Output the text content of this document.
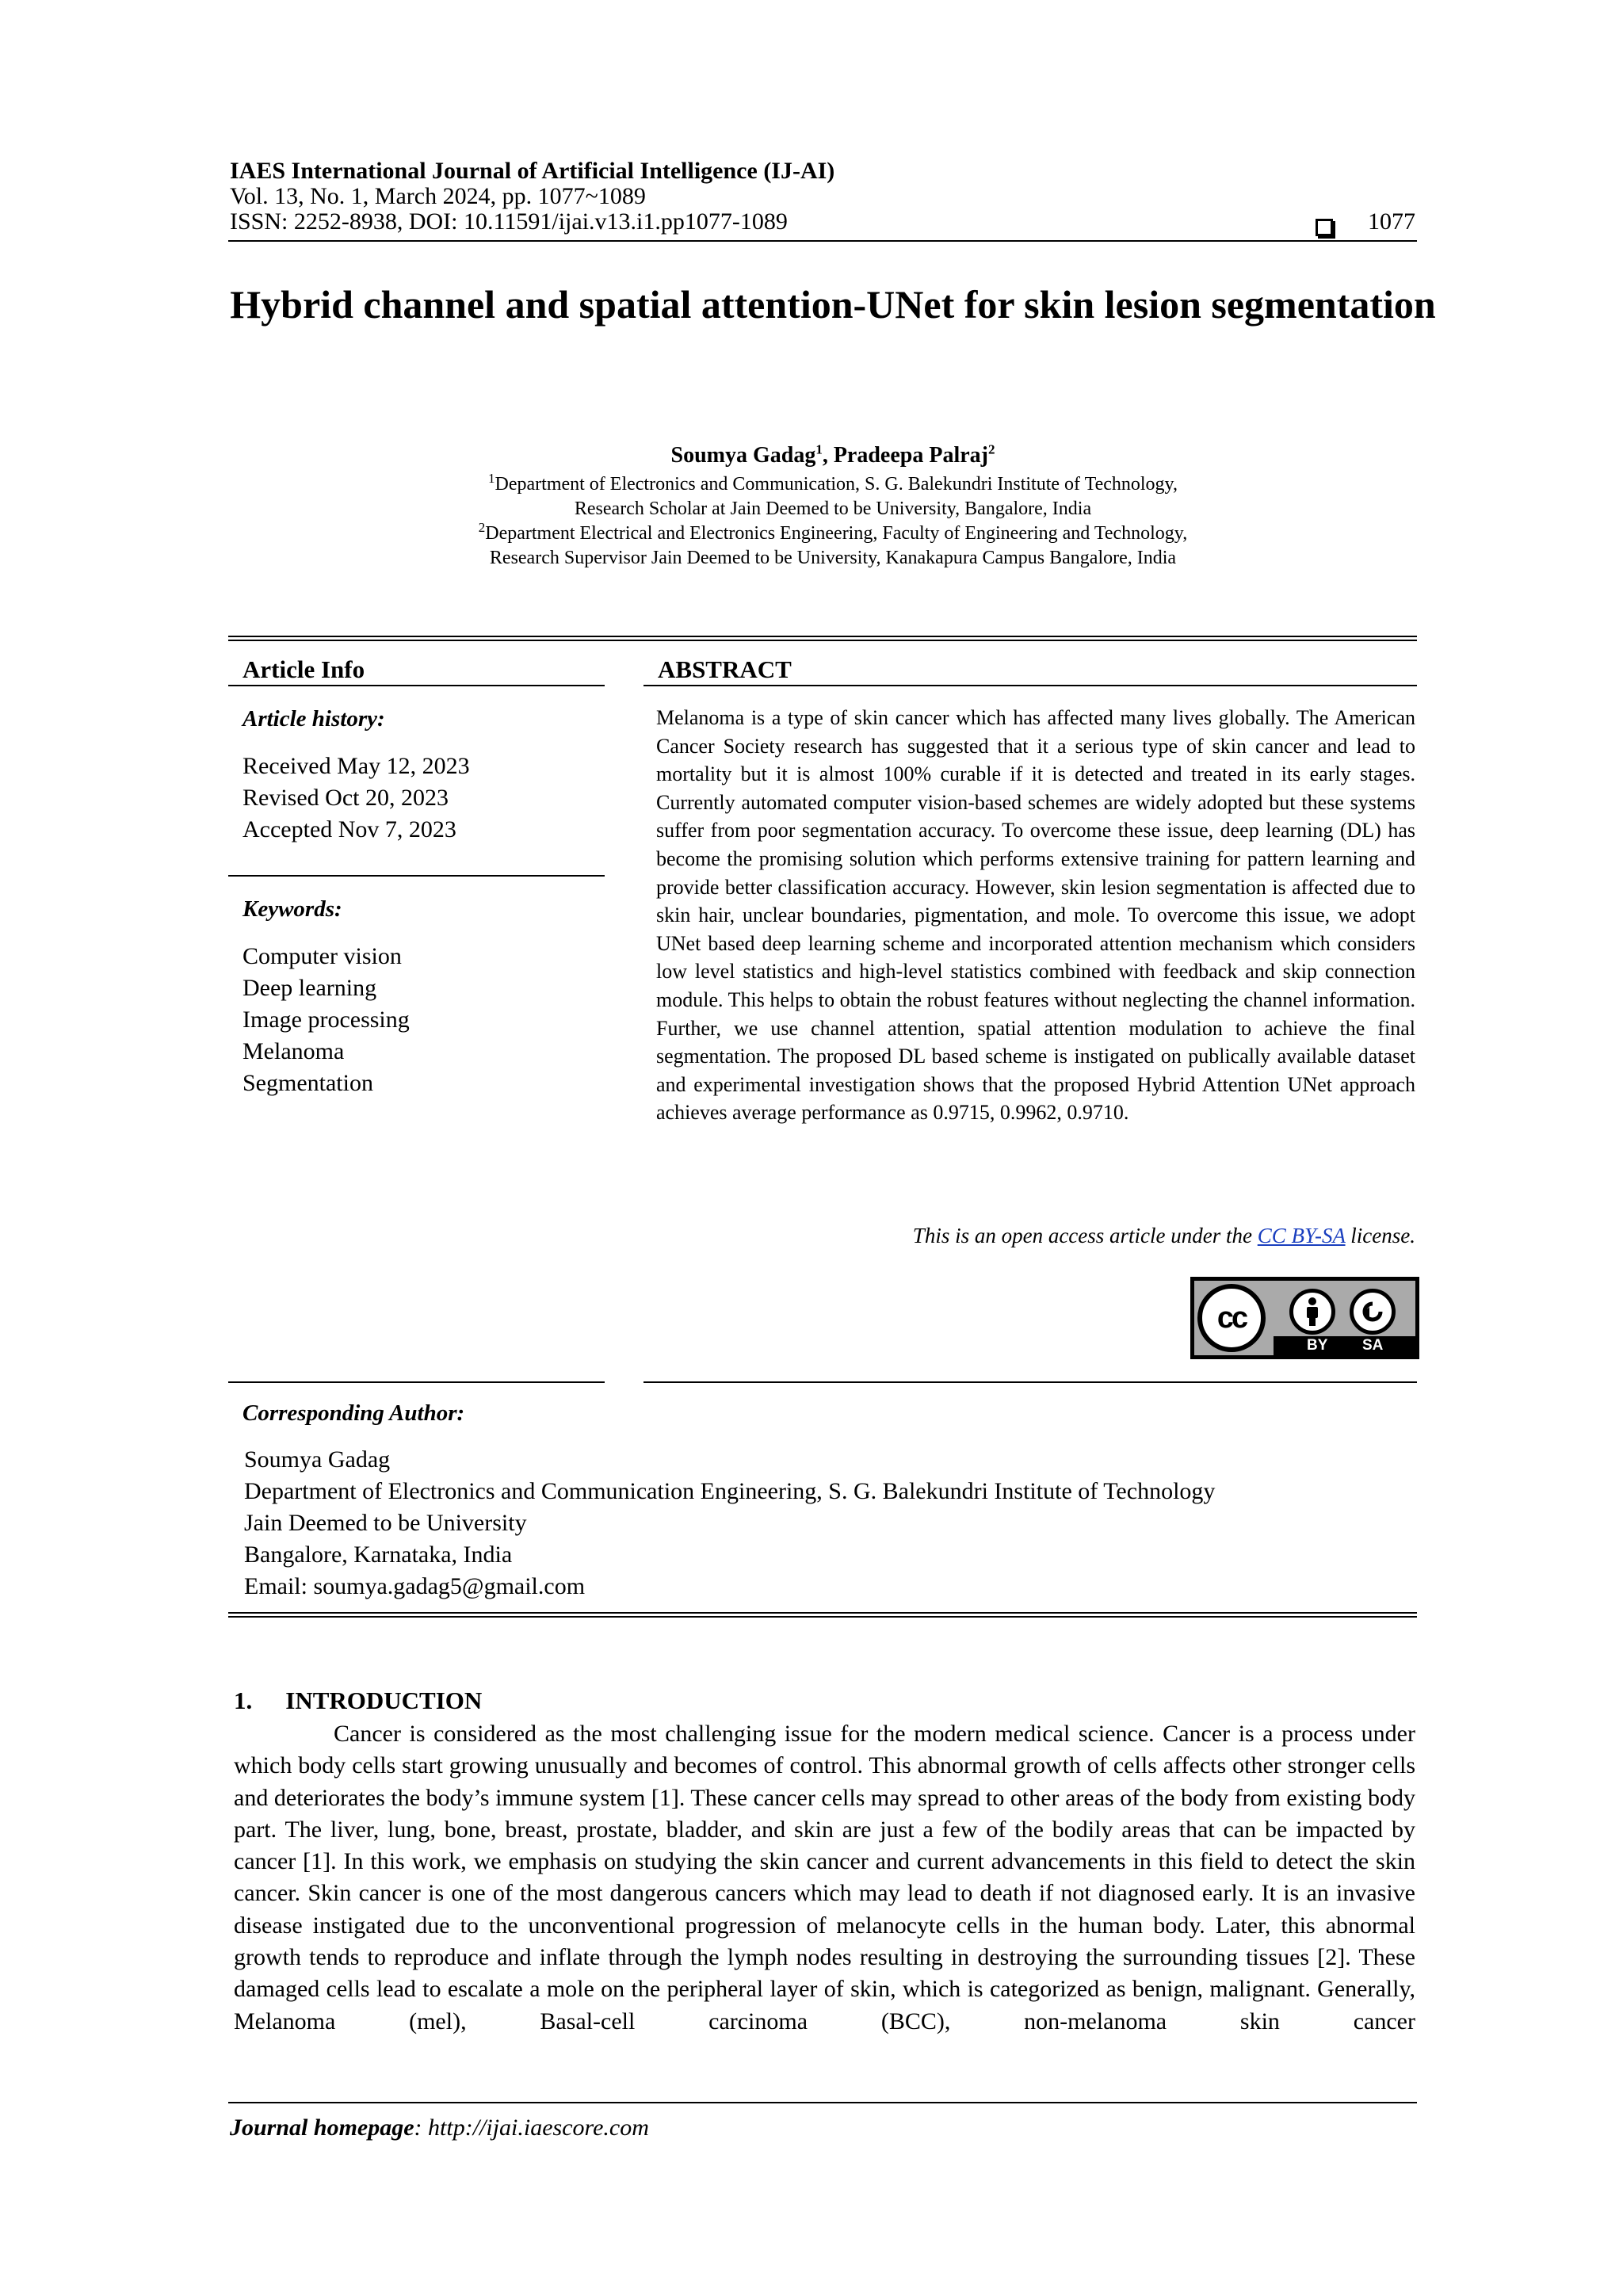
IAES International Journal of Artificial Intelligence (IJ-AI)
Vol. 13, No. 1, March 2024, pp. 1077~1089
ISSN: 2252-8938, DOI: 10.11591/ijai.v13.i1.pp1077-1089	1077
Hybrid channel and spatial attention-UNet for skin lesion segmentation
Soumya Gadag$^1$, Pradeepa Palraj$^2$
$^1$Department of Electronics and Communication, S. G. Balekundri Institute of Technology,
Research Scholar at Jain Deemed to be University, Bangalore, India
$^2$Department Electrical and Electronics Engineering, Faculty of Engineering and Technology,
Research Supervisor Jain Deemed to be University, Kanakapura Campus Bangalore, India
Article Info
Article history:
Received May 12, 2023
Revised Oct 20, 2023
Accepted Nov 7, 2023
Keywords:
Computer vision
Deep learning
Image processing
Melanoma
Segmentation
ABSTRACT
Melanoma is a type of skin cancer which has affected many lives globally. The American Cancer Society research has suggested that it a serious type of skin cancer and lead to mortality but it is almost 100% curable if it is detected and treated in its early stages. Currently automated computer vision-based schemes are widely adopted but these systems suffer from poor segmentation accuracy. To overcome these issue, deep learning (DL) has become the promising solution which performs extensive training for pattern learning and provide better classification accuracy. However, skin lesion segmentation is affected due to skin hair, unclear boundaries, pigmentation, and mole. To overcome this issue, we adopt UNet based deep learning scheme and incorporated attention mechanism which considers low level statistics and high-level statistics combined with feedback and skip connection module. This helps to obtain the robust features without neglecting the channel information. Further, we use channel attention, spatial attention modulation to achieve the final segmentation. The proposed DL based scheme is instigated on publically available dataset and experimental investigation shows that the proposed Hybrid Attention UNet approach achieves average performance as 0.9715, 0.9962, 0.9710.
This is an open access article under the CC BY-SA license.
cc
BY SA
Corresponding Author:
Soumya Gadag
Department of Electronics and Communication Engineering, S. G. Balekundri Institute of Technology
Jain Deemed to be University
Bangalore, Karnataka, India
Email: soumya.gadag5@gmail.com
1. INTRODUCTION
Cancer is considered as the most challenging issue for the modern medical science. Cancer is a process under which body cells start growing unusually and becomes of control. This abnormal growth of cells affects other stronger cells and deteriorates the body’s immune system [1]. These cancer cells may spread to other areas of the body from existing body part. The liver, lung, bone, breast, prostate, bladder, and skin are just a few of the bodily areas that can be impacted by cancer [1]. In this work, we emphasis on studying the skin cancer and current advancements in this field to detect the skin cancer. Skin cancer is one of the most dangerous cancers which may lead to death if not diagnosed early. It is an invasive disease instigated due to the unconventional progression of melanocyte cells in the human body. Later, this abnormal growth tends to reproduce and inflate through the lymph nodes resulting in destroying the surrounding tissues [2]. These damaged cells lead to escalate a mole on the peripheral layer of skin, which is categorized as benign, malignant. Generally, Melanoma (mel), Basal-cell carcinoma (BCC), non-melanoma skin cancer
Journal homepage: http://ijai.iaescore.com
